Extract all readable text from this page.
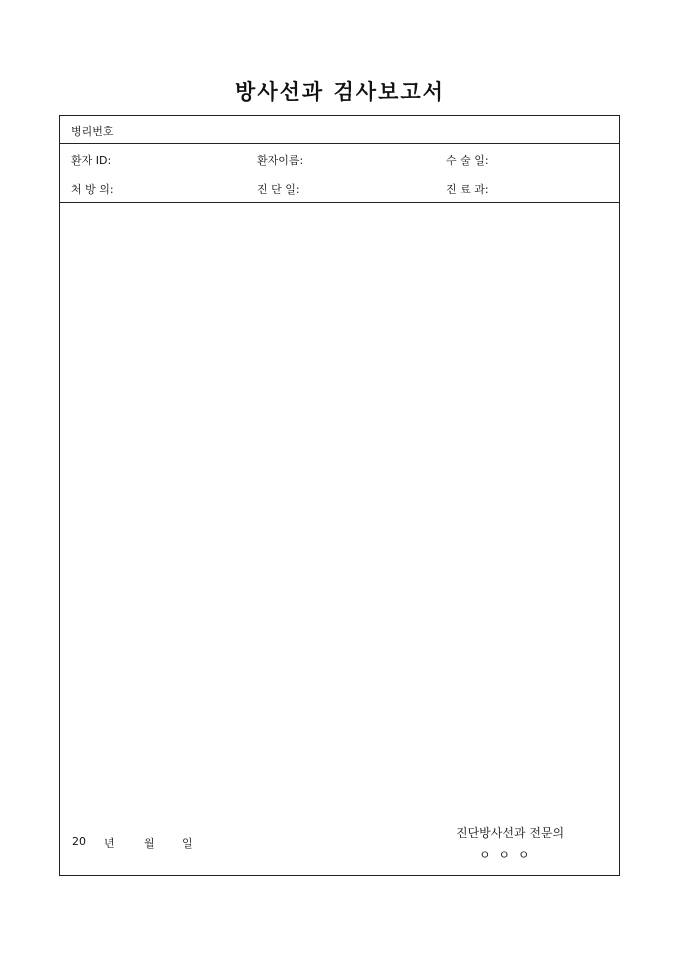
방사선과 검사보고서
병리번호
환자 ID:	환자이름:	수 술 일:
처 방 의:	진 단 일:	진 료 과:
20 년	월 일
진단방사선과 전문의
ㅇ ㅇ ㅇ
